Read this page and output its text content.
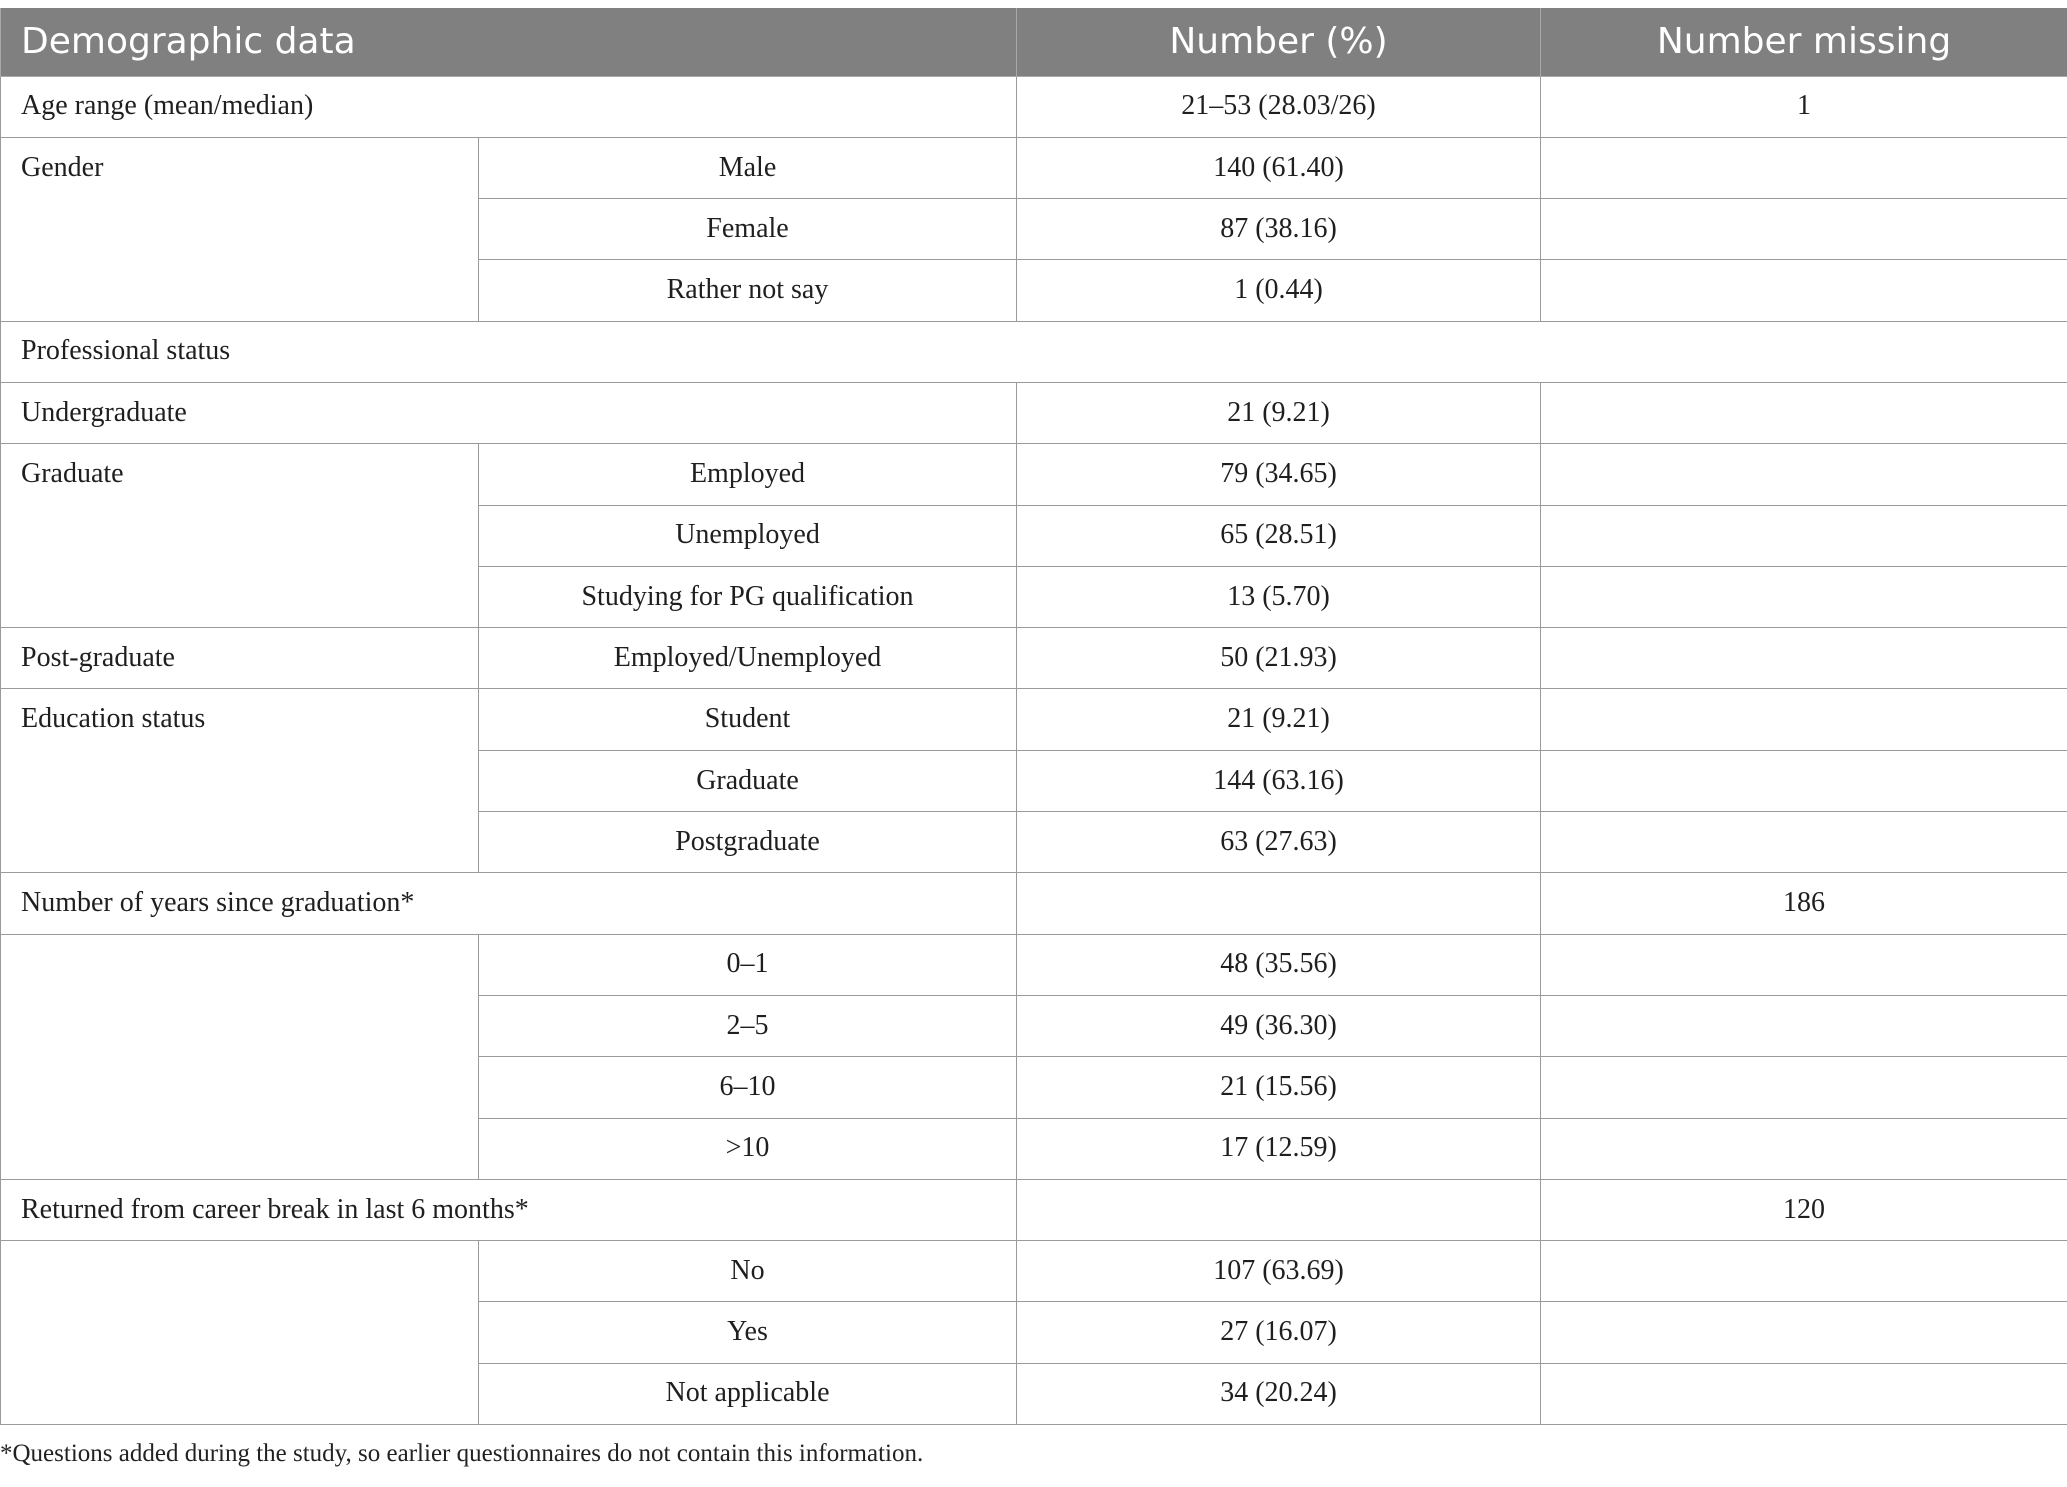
Demographic data		Number (%)	Number missing
Age range (mean/median)		21–53 (28.03/26)	1
Gender	Male	140 (61.40)	
	Female	87 (38.16)	
	Rather not say	1 (0.44)	
Professional status			
Undergraduate		21 (9.21)	
Graduate	Employed	79 (34.65)	
	Unemployed	65 (28.51)	
	Studying for PG qualification	13 (5.70)	
Post-graduate	Employed/Unemployed	50 (21.93)	
Education status	Student	21 (9.21)	
	Graduate	144 (63.16)	
	Postgraduate	63 (27.63)	
Number of years since graduation*			186
	0–1	48 (35.56)	
	2–5	49 (36.30)	
	6–10	21 (15.56)	
	>10	17 (12.59)	
Returned from career break in last 6 months*			120
	No	107 (63.69)	
	Yes	27 (16.07)	
	Not applicable	34 (20.24)	
*Questions added during the study, so earlier questionnaires do not contain this information.
